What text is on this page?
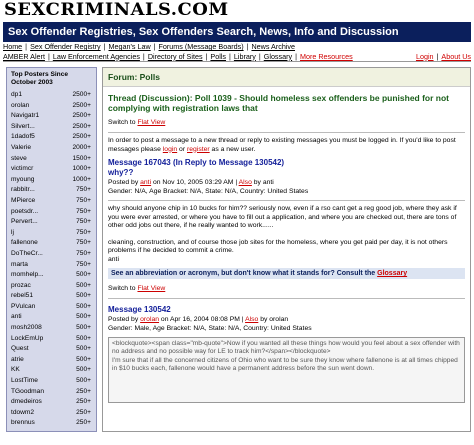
SEXCRIMINALS.COM
Sex Offender Registries, Sex Offenders Search, News, Info and Discussion
Home | Sex Offender Registry | Megan's Law | Forums (Message Boards) | News Archive
AMBER Alert | Law Enforcement Agencies | Directory of Sites | Polls | Library | Glossary | More Resources	Login | About Us
Top Posters Since October 2003
dp1	2500+
orolan	2500+
Navigatr1	2500+
Silvert...	2500+
1dadof5	2500+
Valerie	2000+
steve	1500+
victimcr	1000+
myoung	1000+
rabbitr...	750+
MPierce	750+
poetsdr...	750+
Pervert...	750+
lj	750+
fallenone	750+
DoTheCr...	750+
marta	750+
momhelp...	500+
prozac	500+
rebel51	500+
PVulcan	500+
anti	500+
mosh2008	500+
LockEmUp	500+
Quest	500+
atrie	500+
KK	500+
LostTime	500+
TGoodman	250+
dmedeiros	250+
tdowm2	250+
brennus	250+
Forum: Polls
Thread (Discussion): Poll 1039 - Should homeless sex offenders be punished for not complying with registration laws that
Switch to Flat View
In order to post a message to a new thread or reply to existing messages you must be logged in. If you'd like to post messages please login or register as a new user.
Message 167043 (In Reply to Message 130542)
why??
Posted by anti on Nov 10, 2005 03:29 AM | Also by anti
Gender: N/A, Age Bracket: N/A, State: N/A, Country: United States
why should anyone chip in 10 bucks for him?? seriously now, even if a rso cant get a reg good job, where they ask if you were ever arrested, or where you have to fill out a application, and where you are checked out, there are tons of other odd jobs out there, if he really wanted to work......
cleaning, construction, and of course those job sites for the homeless, where you get paid per day, it is not others problems if he decided to commit a crime.
anti
See an abbreviation or acronym, but don't know what it stands for? Consult the Glossary
Switch to Flat View
Message 130542
Posted by orolan on Apr 16, 2004 08:08 PM | Also by orolan
Gender: Male, Age Bracket: N/A, State: N/A, Country: United States
<blockquote><span class="mb-quote">Now if you wanted all these things how would you feel about a sex offender with no address and no possible way for LE to track him?</span></blockquote>
I'm sure that if all the concerned citizens of Ohio who want to be sure they know where fallenone is at all times chipped in $10 bucks each, fallenone would have a permanent address before the sun went down.
